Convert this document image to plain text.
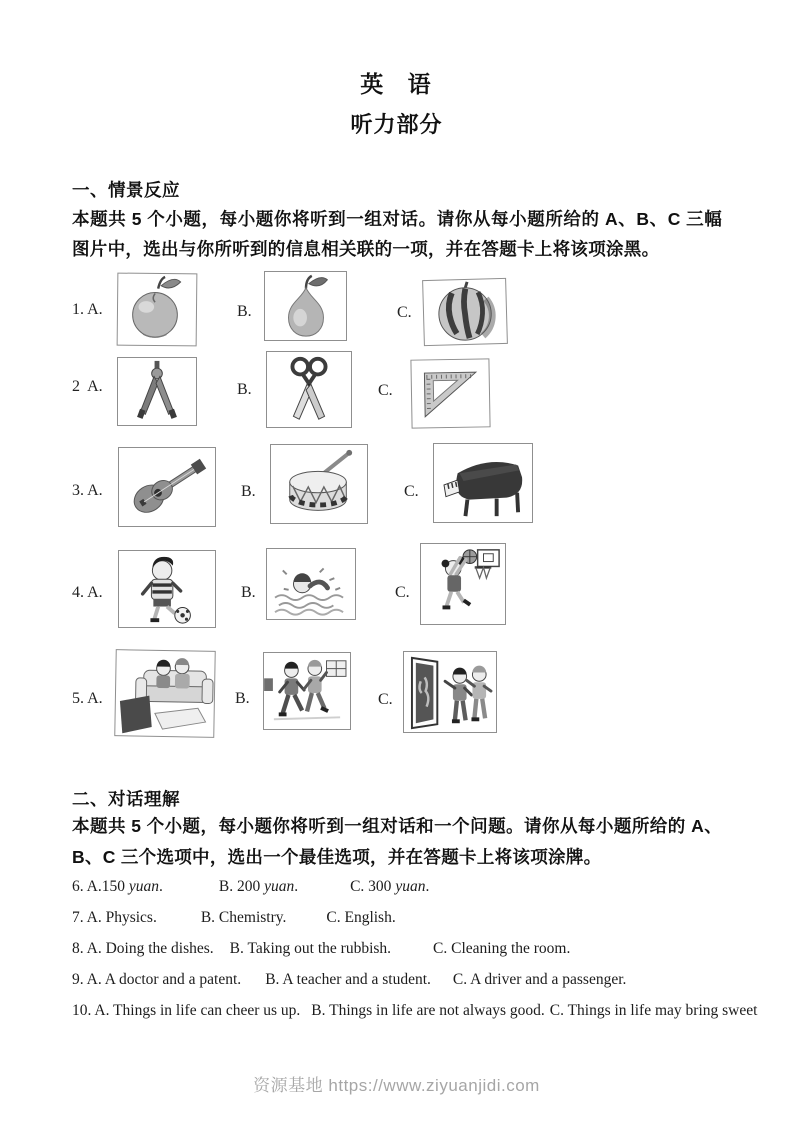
英 语
听力部分
一、情景反应
本题共 5 个小题，每小题你将听到一组对话。请你从每小题所给的 A、B、C 三幅图片中，选出与你所听到的信息相关联的一项，并在答题卡上将该项涂黑。
1. A.	B.	C.
2  A.	B.	C.
3. A.	B.	C.
4. A.	B.	C.
5. A.	B.	C.
二、对话理解
本题共 5 个小题，每小题你将听到一组对话和一个问题。请你从每小题所给的 A、B、C 三个选项中，选出一个最佳选项，并在答题卡上将该项涂牌。
6. A.150 yuan.	B. 200 yuan.	C. 300 yuan.
7. A. Physics.	B. Chemistry.	C. English.
8. A. Doing the dishes. B. Taking out the rubbish.	C. Cleaning the room.
9. A. A doctor and a patent. B. A teacher and a student. C. A driver and a passenger.
10. A. Things in life can cheer us up. B. Things in life are not always good. C. Things in life may bring sweet
资源基地 https://www.ziyuanjidi.com
